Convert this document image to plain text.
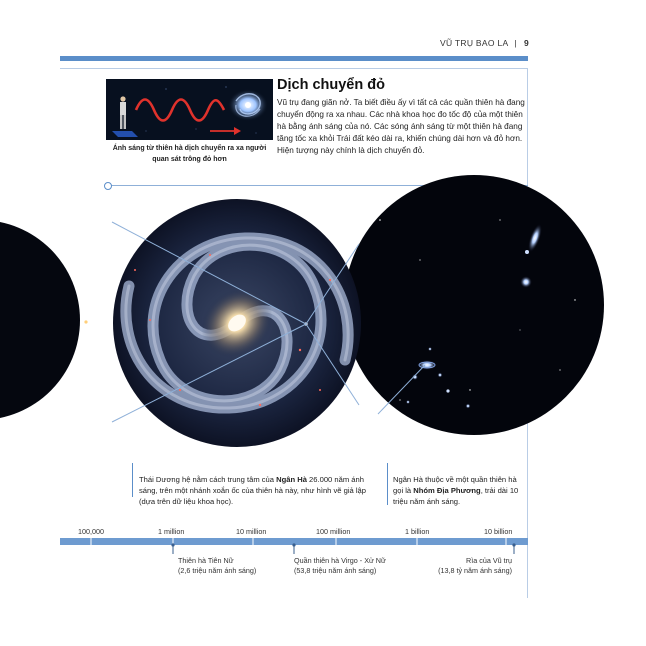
VŨ TRỤ BAO LA | 9
Ánh sáng từ thiên hà dịch chuyển ra xa người quan sát trông đỏ hơn
Dịch chuyển đỏ
Vũ trụ đang giãn nở. Ta biết điều ấy vì tất cả các quần thiên hà đang chuyển động ra xa nhau. Các nhà khoa học đo tốc độ của một thiên hà bằng ánh sáng của nó. Các sóng ánh sáng từ một thiên hà đang tăng tốc xa khỏi Trái đất kéo dài ra, khiến chúng dài hơn và đỏ hơn. Hiện tượng này chính là dịch chuyển đỏ.
Thái Dương hệ nằm cách trung tâm của Ngân Hà 26.000 năm ánh sáng, trên một nhánh xoắn ốc của thiên hà này, như hình vẽ giả lập (dựa trên dữ liệu khoa học).
Ngân Hà thuộc về một quần thiên hà gọi là Nhóm Địa Phương, trải dài 10 triệu năm ánh sáng.
100,000	1 million	10 million	100 million	1 billion	10 billion
Thiên hà Tiên Nữ
(2,6 triệu năm ánh sáng)
Quần thiên hà Virgo - Xử Nữ
(53,8 triệu năm ánh sáng)
Rìa của Vũ trụ
(13,8 tỷ năm ánh sáng)
